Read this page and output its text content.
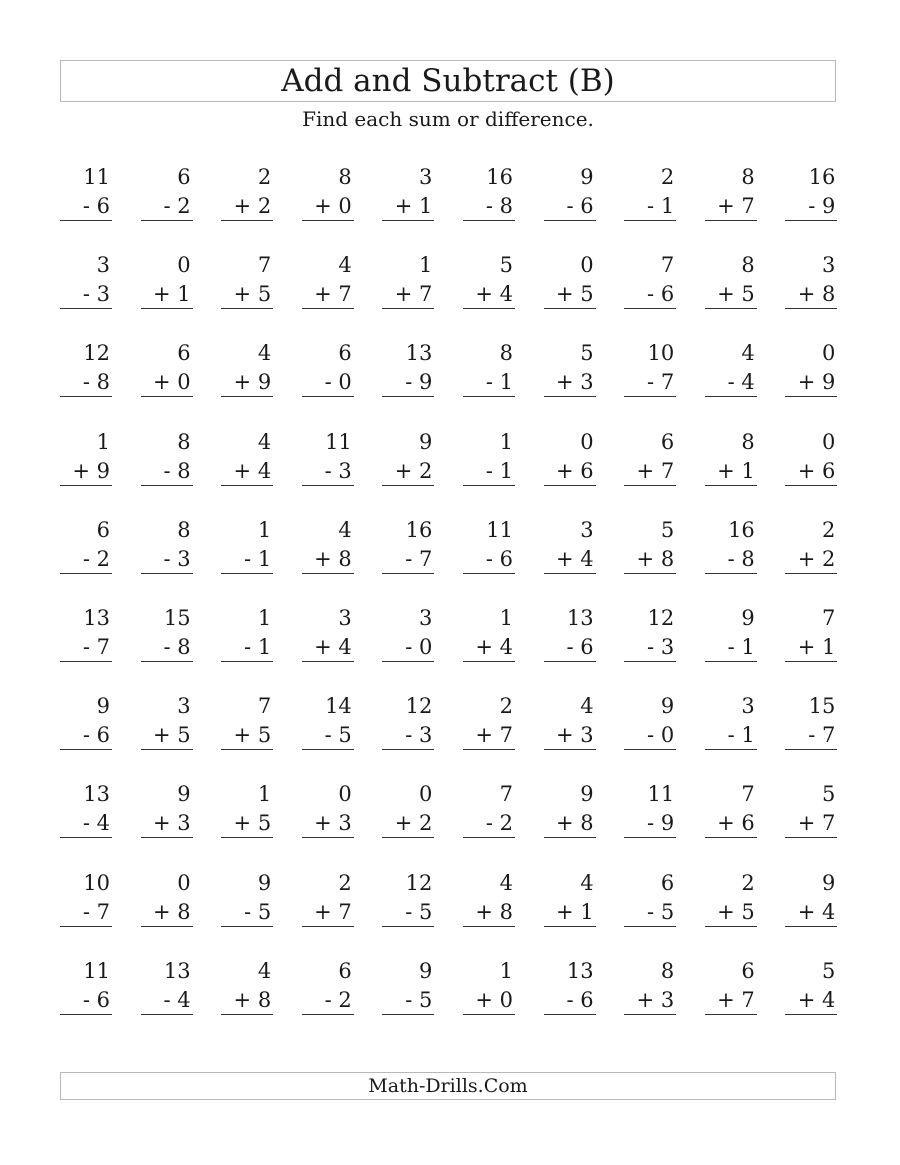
Add and Subtract (B)
Find each sum or difference.
11
- 6
6
- 2
2
+ 2
8
+ 0
3
+ 1
16
- 8
9
- 6
2
- 1
8
+ 7
16
- 9
3
- 3
0
+ 1
7
+ 5
4
+ 7
1
+ 7
5
+ 4
0
+ 5
7
- 6
8
+ 5
3
+ 8
12
- 8
6
+ 0
4
+ 9
6
- 0
13
- 9
8
- 1
5
+ 3
10
- 7
4
- 4
0
+ 9
1
+ 9
8
- 8
4
+ 4
11
- 3
9
+ 2
1
- 1
0
+ 6
6
+ 7
8
+ 1
0
+ 6
6
- 2
8
- 3
1
- 1
4
+ 8
16
- 7
11
- 6
3
+ 4
5
+ 8
16
- 8
2
+ 2
13
- 7
15
- 8
1
- 1
3
+ 4
3
- 0
1
+ 4
13
- 6
12
- 3
9
- 1
7
+ 1
9
- 6
3
+ 5
7
+ 5
14
- 5
12
- 3
2
+ 7
4
+ 3
9
- 0
3
- 1
15
- 7
13
- 4
9
+ 3
1
+ 5
0
+ 3
0
+ 2
7
- 2
9
+ 8
11
- 9
7
+ 6
5
+ 7
10
- 7
0
+ 8
9
- 5
2
+ 7
12
- 5
4
+ 8
4
+ 1
6
- 5
2
+ 5
9
+ 4
11
- 6
13
- 4
4
+ 8
6
- 2
9
- 5
1
+ 0
13
- 6
8
+ 3
6
+ 7
5
+ 4
Math-Drills.Com
